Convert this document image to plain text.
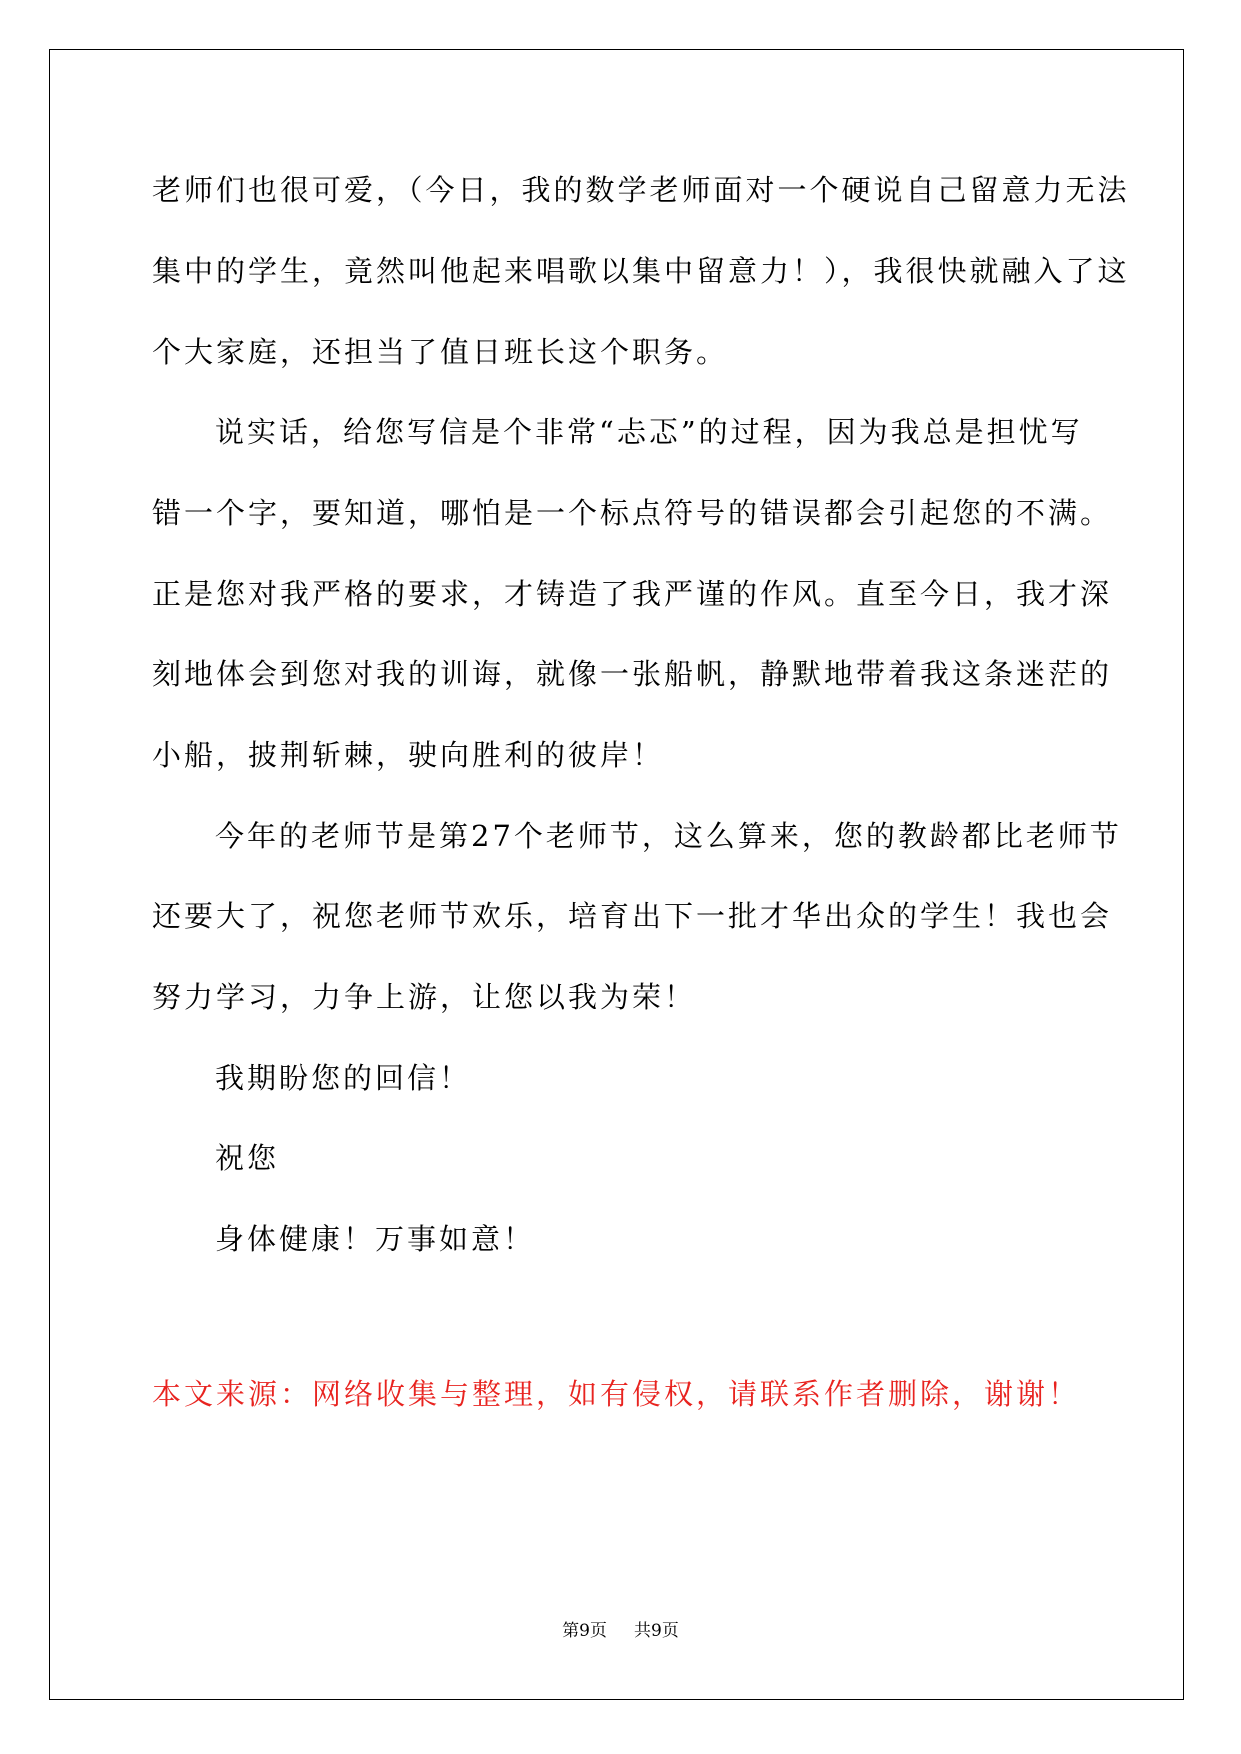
老师们也很可爱，（今日，我的数学老师面对一个硬说自己留意力无法
集中的学生，竟然叫他起来唱歌以集中留意力！），我很快就融入了这
个大家庭，还担当了值日班长这个职务。
说实话，给您写信是个非常“忐忑”的过程，因为我总是担忧写
错一个字，要知道，哪怕是一个标点符号的错误都会引起您的不满。
正是您对我严格的要求，才铸造了我严谨的作风。直至今日，我才深
刻地体会到您对我的训诲，就像一张船帆，静默地带着我这条迷茫的
小船，披荆斩棘，驶向胜利的彼岸！
今年的老师节是第27个老师节，这么算来，您的教龄都比老师节
还要大了，祝您老师节欢乐，培育出下一批才华出众的学生！我也会
努力学习，力争上游，让您以我为荣！
我期盼您的回信！
祝您
身体健康！万事如意！
本文来源：网络收集与整理，如有侵权，请联系作者删除，谢谢！
第9页 共9页
